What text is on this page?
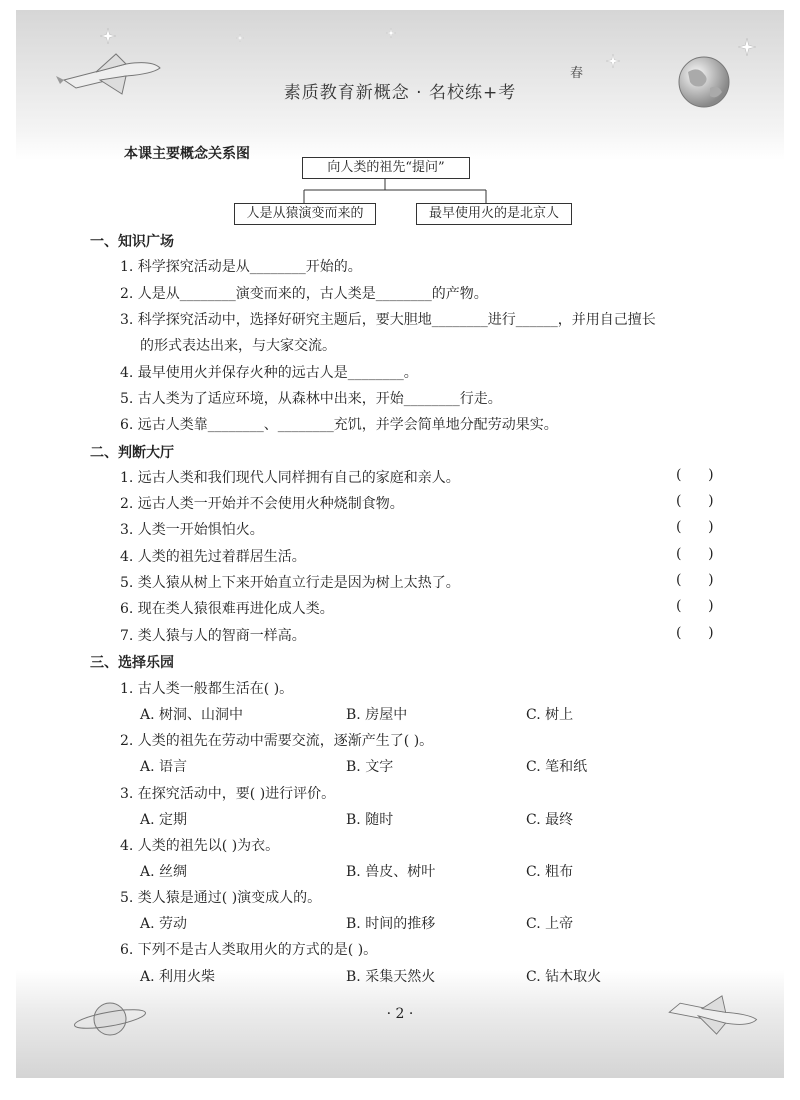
春
素质教育新概念 · 名校练+考
本课主要概念关系图
向人类的祖先“提问”
人是从猿演变而来的	最早使用火的是北京人
一、知识广场
1. 科学探究活动是从________开始的。
2. 人是从________演变而来的，古人类是________的产物。
3. 科学探究活动中，选择好研究主题后，要大胆地________进行______，并用自己擅长
的形式表达出来，与大家交流。
4. 最早使用火并保存火种的远古人是________。
5. 古人类为了适应环境，从森林中出来，开始________行走。
6. 远古人类靠________、________充饥，并学会简单地分配劳动果实。
二、判断大厅
1. 远古人类和我们现代人同样拥有自己的家庭和亲人。	(      )
2. 远古人类一开始并不会使用火种烧制食物。	(      )
3. 人类一开始惧怕火。	(      )
4. 人类的祖先过着群居生活。	(      )
5. 类人猿从树上下来开始直立行走是因为树上太热了。	(      )
6. 现在类人猿很难再进化成人类。	(      )
7. 类人猿与人的智商一样高。	(      )
三、选择乐园
1. 古人类一般都生活在( )。
A. 树洞、山洞中	B. 房屋中	C. 树上
2. 人类的祖先在劳动中需要交流，逐渐产生了( )。
A. 语言	B. 文字	C. 笔和纸
3. 在探究活动中，要( )进行评价。
A. 定期	B. 随时	C. 最终
4. 人类的祖先以( )为衣。
A. 丝绸	B. 兽皮、树叶	C. 粗布
5. 类人猿是通过( )演变成人的。
A. 劳动	B. 时间的推移	C. 上帝
6. 下列不是古人类取用火的方式的是( )。
A. 利用火柴	B. 采集天然火	C. 钻木取火
· 2 ·
